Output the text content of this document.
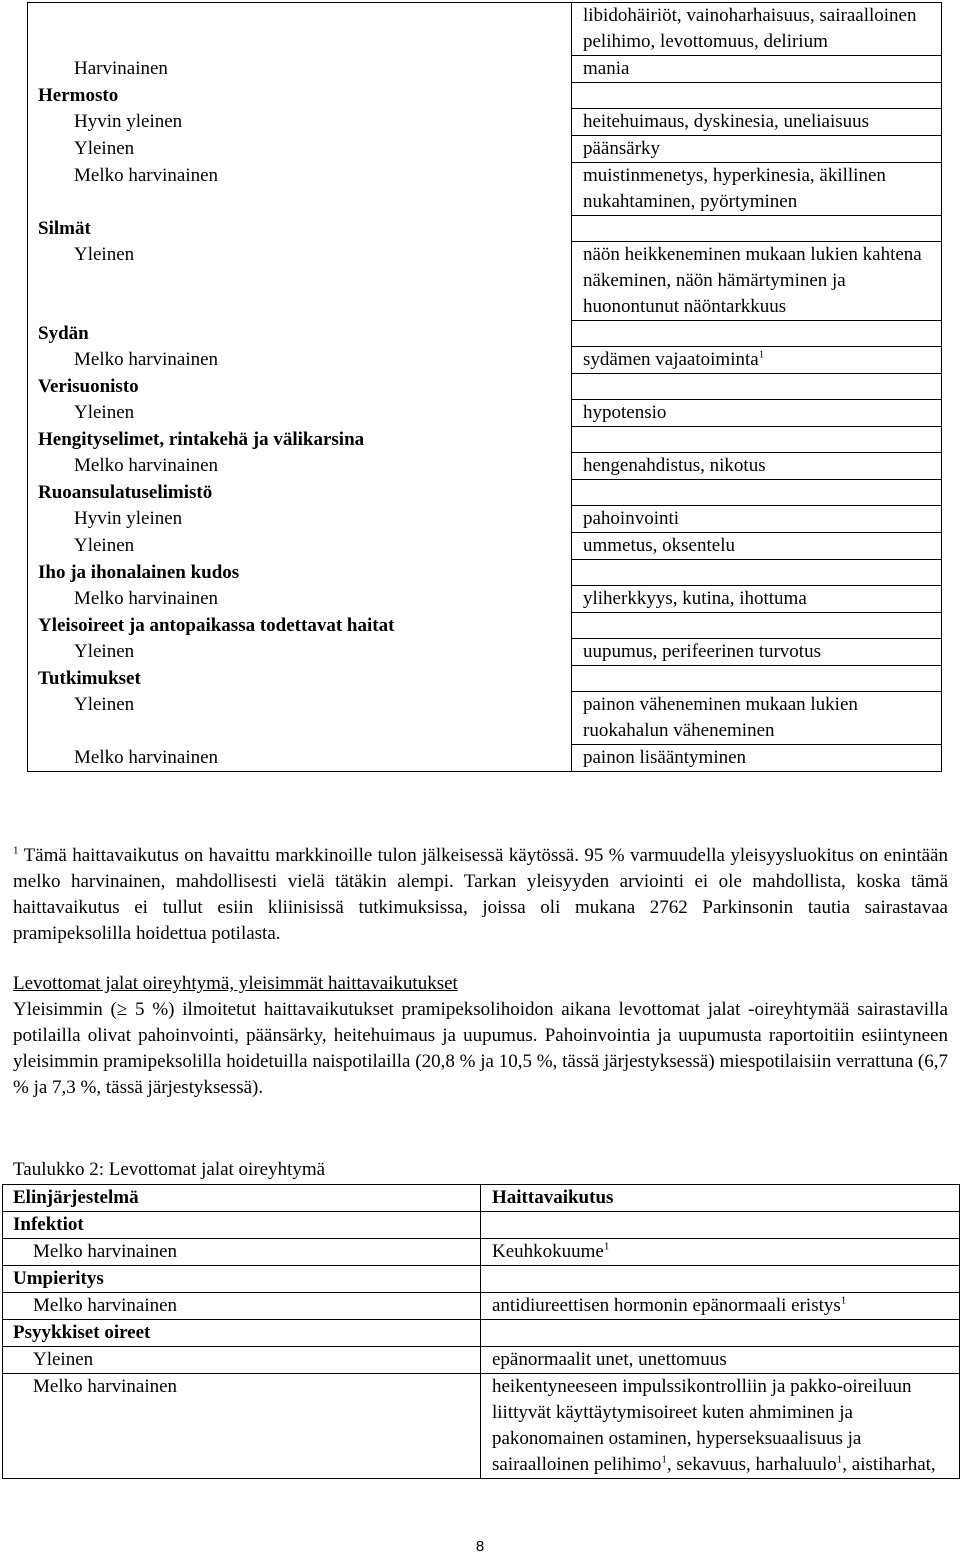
	libidohäiriöt, vainoharhaisuus, sairaalloinen pelihimo, levottomuus, delirium
Harvinainen	mania
Hermosto	
Hyvin yleinen	heitehuimaus, dyskinesia, uneliaisuus
Yleinen	päänsärky
Melko harvinainen	muistinmenetys, hyperkinesia, äkillinen nukahtaminen, pyörtyminen
Silmät	
Yleinen	näön heikkeneminen mukaan lukien kahtena näkeminen, näön hämärtyminen ja huonontunut näöntarkkuus
Sydän	
Melko harvinainen	sydämen vajaatoiminta$^1$
Verisuonisto	
Yleinen	hypotensio
Hengityselimet, rintakehä ja välikarsina	
Melko harvinainen	hengenahdistus, nikotus
Ruoansulatuselimistö	
Hyvin yleinen	pahoinvointi
Yleinen	ummetus, oksentelu
Iho ja ihonalainen kudos	
Melko harvinainen	yliherkkyys, kutina, ihottuma
Yleisoireet ja antopaikassa todettavat haitat	
Yleinen	uupumus, perifeerinen turvotus
Tutkimukset	
Yleinen	painon väheneminen mukaan lukien ruokahalun väheneminen
Melko harvinainen	painon lisääntyminen

$^1$ Tämä haittavaikutus on havaittu markkinoille tulon jälkeisessä käytössä. 95 % varmuudella yleisyysluokitus on enintään melko harvinainen, mahdollisesti vielä tätäkin alempi. Tarkan yleisyyden arviointi ei ole mahdollista, koska tämä haittavaikutus ei tullut esiin kliinisissä tutkimuksissa, joissa oli mukana 2762 Parkinsonin tautia sairastavaa pramipeksolilla hoidettua potilasta.

Levottomat jalat oireyhtymä, yleisimmät haittavaikutukset

Yleisimmin (≥ 5 %) ilmoitetut haittavaikutukset pramipeksolihoidon aikana levottomat jalat -oireyhtymää sairastavilla potilailla olivat pahoinvointi, päänsärky, heitehuimaus ja uupumus. Pahoinvointia ja uupumusta raportoitiin esiintyneen yleisimmin pramipeksolilla hoidetuilla naispotilailla (20,8 % ja 10,5 %, tässä järjestyksessä) miespotilaisiin verrattuna (6,7 % ja 7,3 %, tässä järjestyksessä).

Taulukko 2: Levottomat jalat oireyhtymä
Elinjärjestelmä	Haittavaikutus
Infektiot	
Melko harvinainen	Keuhkokuume$^1$
Umpieritys	
Melko harvinainen	antidiureettisen hormonin epänormaali eristys$^1$
Psyykkiset oireet	
Yleinen	epänormaalit unet, unettomuus
Melko harvinainen	heikentyneeseen impulssikontrolliin ja pakko-oireiluun liittyvät käyttäytymisoireet kuten ahmiminen ja pakonomainen ostaminen, hyperseksuaalisuus ja sairaalloinen pelihimo$^1$, sekavuus, harhaluulo$^1$, aistiharhat,
8
